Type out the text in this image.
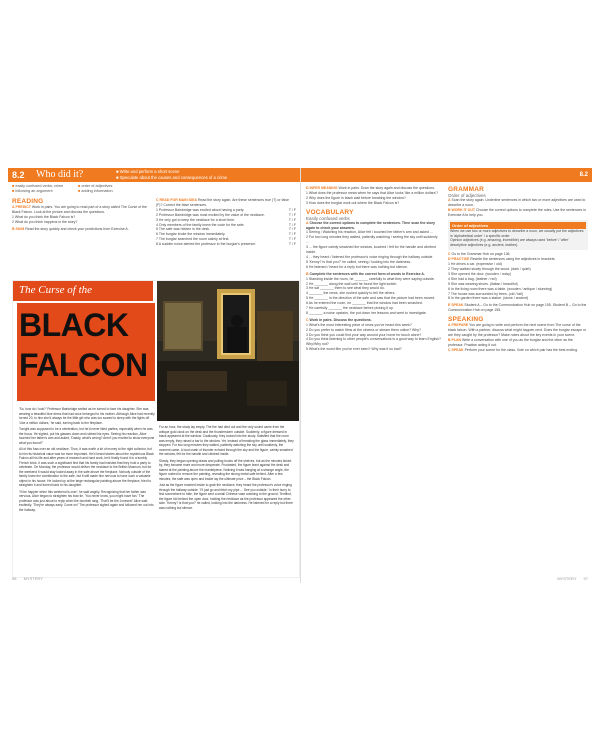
8.2 Who did it?	■ Write and perform a short scene
■ Speculate about the causes and consequences of a crime	8.2
■ easily confused verbs; crime
■ following an argument
■ order of adjectives
■ adding information
READING

A PREDICT Work in pairs. You are going to read part of a story called The Curse of the Black Falcon. Look at the picture and discuss the questions.

1 What do you think the Black Falcon is?

2 What do you think happens in the story?

B SKIM Read the story quickly and check your predictions from Exercise A.

C READ FOR MAIN IDEA Read the story again. Are these sentences true (T) or false (F)? Correct the false sentences.

1 Professor Bainbridge was excited about having a party.	T / F
2 Professor Bainbridge was most excited by the value of the necklace.	T / F
3 He only got to keep the necklace for a short time.	T / F
4 Only members of the family knew the code for the safe.	T / F
5 The safe was hidden in the desk.	T / F
6 The burglar broke the window immediately.	T / F
7 The burglar searched the room calmly at first.	T / F
8 A sudden noise alerted the professor to the burglar's presence.	T / F
The Curse of the
BLACK
FALCON

'So, how do I look?' Professor Bainbridge smiled as he turned to face his daughter. She was wearing a beautiful blue dress that had once belonged to his mother. Although Alice had recently turned 20, to him she'd always be the little girl who was too scared to sleep with the lights off. 'Like a million dollars,' he said, turning back to the fireplace.

Tonight was supposed to be a celebration, but he'd never liked parties, especially when he was the focus. He sighed, put his glasses down and rubbed his eyes. Seeing his reaction, Alice touched her father's arm and asked, 'Daddy, what's wrong? Aren't you excited to show everyone what you found?'

All of this fuss over an old necklace. Thus, it was worth a lot of money to the right collector, but to him its historical value was far more important. He'd heard stories about the mysterious Black Falcon all his life and after years of research and hard work, he'd finally found it in a tumbly French brick. It was such a significant find that his family had insisted that they hold a party to celebrate. On Monday, the professor would deliver the necklace to the British Museum, but for the weekend it would stay locked away in the safe above the fireplace. Nobody outside of the family knew the combination to the safe, but it still made him nervous to have such a valuable object in his house. He looked up at the large rectangular painting above the fireplace, tried to straighten it and turned back to his daughter.

'I'll be happier when this weekend is over,' he said angrily. Recognizing that her father was nervous, Alice began to straighten his bow tie. 'You never know, you might have fun.' The professor was just about to reply when the doorbell rang. 'That'll be the Joneses!' Alice said excitedly. 'They're always early. Come on!' The professor sighed again and followed her out into the hallway.

For an hour, the study lay empty. The fire had died out and the only sound came from the antique gold clock on the desk and the thunderstorm outside. Suddenly, a figure dressed in black appeared at the window. Cautiously, they looked into the study. Satisfied that the room was empty, they raised a bar to the window. Yet, instead of breaking the glass immediately, they stopped. For two long minutes they waited, patiently watching the sky until suddenly, the moment came. A loud crash of thunder echoed through the sky and the figure, calmly smashed the window, felt for the handle and climbed inside.

Slowly, they began opening draws and pulling books off the shelves, but as the minutes ticked by, they became more and more desperate. Frustrated, the figure leant against the desk and stared at the painting above the mantelpiece. Noticing it was hanging at a strange angle, the figure rushed to remove the painting, revealing the strong metal safe behind. After a few minutes, the safe was open and inside lay the ultimate prize – the Black Falcon.

Just as the figure reached inside to grab the necklace, they heard the professor's voice ringing through the hallway outside. 'I'll just go and fetch my pipe ... See you outside.' In their hurry to find somewhere to hide, the figure sent a small Chinese vase crashing to the ground. Terrified, the figure hid behind the open door, holding the necklace as the professor appeared the other side. 'Kenny? Is that you?' he called, looking into the darkness. He listened for a reply but there was nothing but silence.

96 MYSTERY

D INFER MEANING Work in pairs. Scan the story again and discuss the questions.

1 What does the professor mean when he says that Alice looks 'like a million dollars'?

2 Why does the figure in black wait before breaking the window?

3 How does the burglar work out where the Black Falcon is?

VOCABULARY
Easily confused verbs

A Choose the correct options to complete the sentences. Then scan the story again to check your answers.

1 Seeing / Watching his reaction, Alice felt / touched her father's arm and asked ...

2 For two long minutes they waited, patiently watching / seeing the sky until suddenly ...

3 ... the figure calmly smashed the window, touched / felt for the handle and climbed inside.

4 ... they heard / listened the professor's voice ringing through the hallway outside.

5 'Kenny? Is that you?' he called, seeing / looking into the darkness.

6 He listened / heard for a reply but there was nothing but silence.

B Complete the sentences with the correct form of words in Exercise A.

1 Standing inside the room, he _______ carefully to what they were saying outside.

2 He _______ along the wall until he found the light switch.

3 He sat _______ them to see what they would do.

4 _______ the news, she rushed quickly to tell the others.

5 He _______ in the direction of the safe and saw that the picture had been moved.

6 As he entered the room, he _______ that the window had been smashed.

7 He carefully _______ the necklace before picking it up.

8 _______ a noise upstairs, the put down her lessons and went to investigate.

C Work in pairs. Discuss the questions.

1 What's the most interesting piece of news you've heard this week?

2 Do you prefer to watch films at the cinema or stream them online? Why?

3 Do you think you could find your way around your home for touch alone?

4 Do you think listening to other people's conversations is a good way to learn English? Why/Why not?

5 What's the worst film you've ever seen? Why was it so bad?

GRAMMAR
Order of adjectives

A Scan the story again. Underline sentences in which two or more adjectives are used to describe a noun.

B WORK IT OUT Choose the correct options to complete the rules. Use the sentences in Exercise A to help you.

Order of adjectives

When we use two or more adjectives to describe a noun, we usually put the adjectives in 'alphabetical order' / a specific order.
Opinion adjectives (e.g. amazing, incredible) are always used 'before' / 'after' descriptive adjectives (e.g. ancient, leather).

C Go to the Grammar Hub on page 136.

D PRACTISE Rewrite the sentences using the adjectives in brackets.

1 He drives a car. (expensive / old)

2 They walked slowly through the wood. (dark / quiet)

3 She opened the door. (wooden / noisy)

4 She had a bag. (leather / red)

5 She was wearing shoes. (Italian / beautiful)

6 In the living room there was a table. (wooden / antique / stunning)

7 The house was surrounded by trees. (old / tall)

8 In the garden there was a statue. (stone / ancient)

E SPEAK Student A – Go to the Communication Hub on page 155. Student B – Go to the Communication Hub on page 155.

SPEAKING

A PREPARE You are going to write and perform the next scene from The curse of the black falcon. With a partner, discuss what might happen next. Does the burglar escape or are they caught by the professor? Make notes about the key events in your scene.

B PLAN Write a conversation with one of you as the burglar and the other as the professor. Practise acting it out.

C SPEAK Perform your scene for the class. Vote on which pair has the best ending.

MYSTERY 97
